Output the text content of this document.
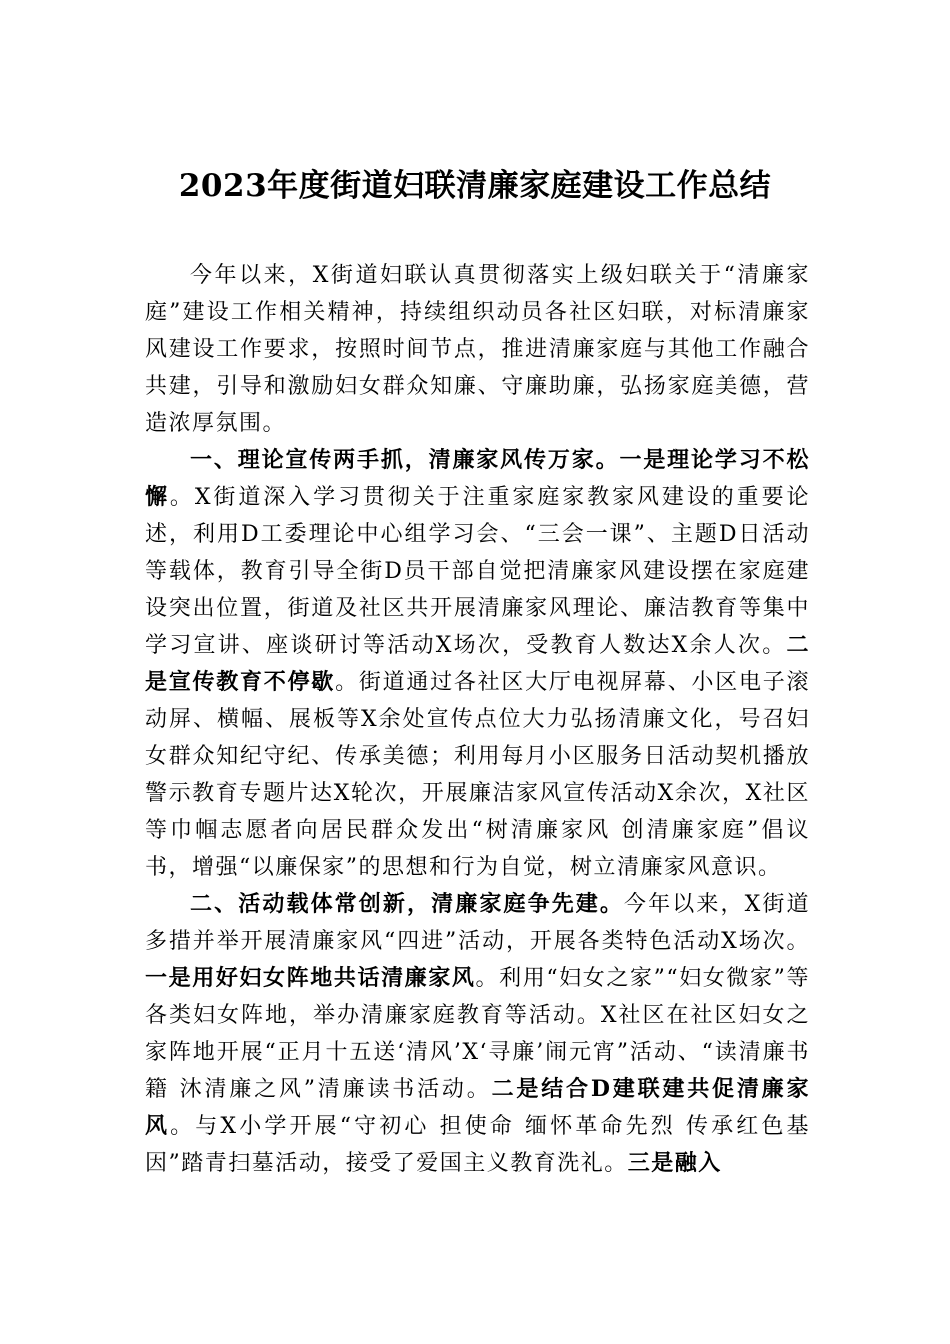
2023年度街道妇联清廉家庭建设工作总结

今年以来，X街道妇联认真贯彻落实上级妇联关于“清廉家庭”建设工作相关精神，持续组织动员各社区妇联，对标清廉家风建设工作要求，按照时间节点，推进清廉家庭与其他工作融合共建，引导和激励妇女群众知廉、守廉助廉，弘扬家庭美德，营造浓厚氛围。

一、理论宣传两手抓，清廉家风传万家。一是理论学习不松懈。X街道深入学习贯彻关于注重家庭家教家风建设的重要论述，利用D工委理论中心组学习会、“三会一课”、主题D日活动等载体，教育引导全街D员干部自觉把清廉家风建设摆在家庭建设突出位置，街道及社区共开展清廉家风理论、廉洁教育等集中学习宣讲、座谈研讨等活动X场次，受教育人数达X余人次。二是宣传教育不停歇。街道通过各社区大厅电视屏幕、小区电子滚动屏、横幅、展板等X余处宣传点位大力弘扬清廉文化，号召妇女群众知纪守纪、传承美德；利用每月小区服务日活动契机播放警示教育专题片达X轮次，开展廉洁家风宣传活动X余次，X社区等巾帼志愿者向居民群众发出“树清廉家风 创清廉家庭”倡议书，增强“以廉保家”的思想和行为自觉，树立清廉家风意识。

二、活动载体常创新，清廉家庭争先建。今年以来，X街道多措并举开展清廉家风“四进”活动，开展各类特色活动X场次。一是用好妇女阵地共话清廉家风。利用“妇女之家”“妇女微家”等各类妇女阵地，举办清廉家庭教育等活动。X社区在社区妇女之家阵地开展“正月十五送‘清风’X‘寻廉’闹元宵”活动、“读清廉书籍 沐清廉之风”清廉读书活动。二是结合D建联建共促清廉家风。与X小学开展“守初心 担使命 缅怀革命先烈 传承红色基因”踏青扫墓活动，接受了爱国主义教育洗礼。三是融入
